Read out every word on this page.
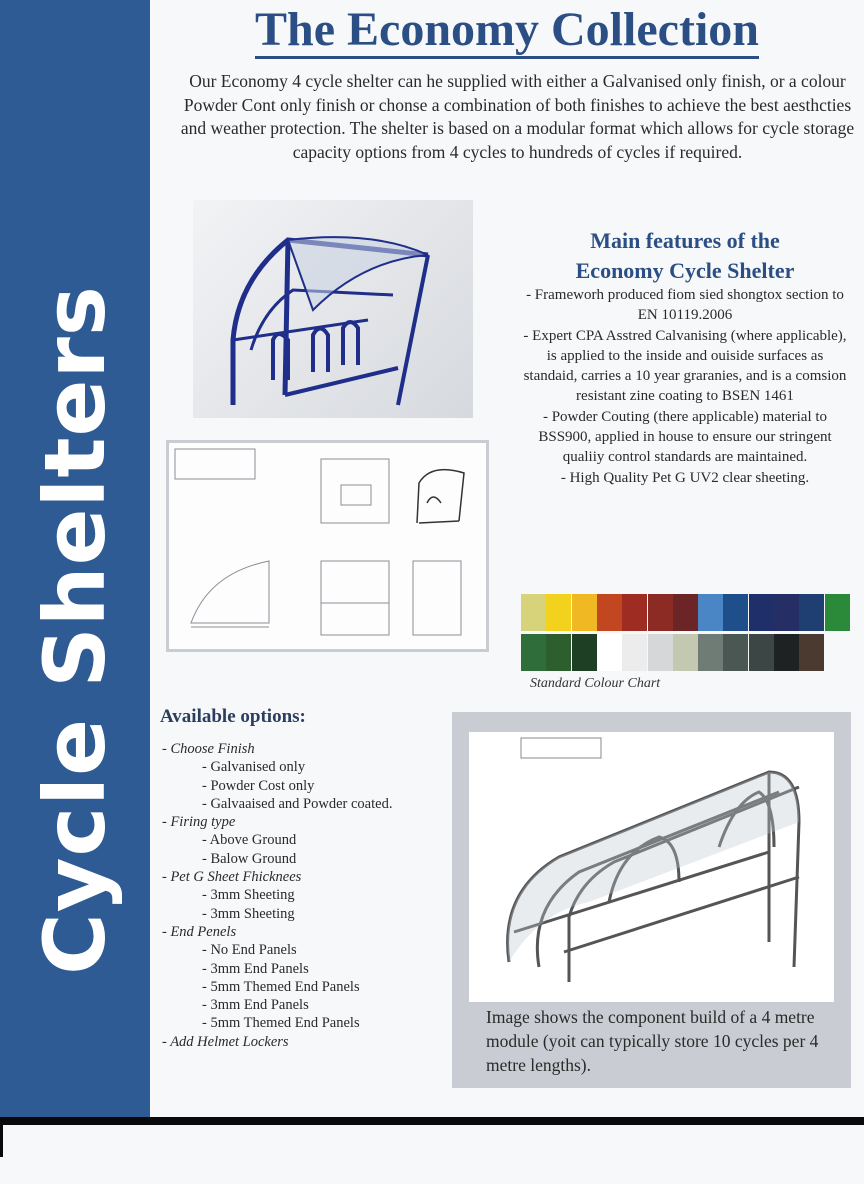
Cycle Shelters
The Economy Collection
Our Economy 4 cycle shelter can he supplied with either a Galvanised only finish, or a colour Powder Cont only finish or chonse a combination of both finishes to achieve the best aesthcties and weather protection. The shelter is based on a modular format which allows for cycle storage capacity options from 4 cycles to hundreds of cycles if required.
Main features of the
Economy Cycle Shelter
- Frameworh produced fiom sied shongtox section to EN 10119.2006
- Expert CPA Asstred Calvanising (where applicable), is applied to the inside and ouiside surfaces as standaid, carries a 10 year graranies, and is a comsion resistant zine coating to BSEN 1461
- Powder Couting (there applicable) material to BSS900, applied in house to ensure our stringent qualiiy control standards are maintained.
- High Quality Pet G UV2 clear sheeting.
Standard Colour Chart
Available options:
- Choose Finish
- Galvanised only
- Powder Cost only
- Galvaaised and Powder coated.
- Firing type
- Above Ground
- Balow Ground
- Pet G Sheet Fhicknees
- 3mm Sheeting
- 3mm Sheeting
- End Penels
- No End Panels
- 3mm End Panels
- 5mm Themed End Panels
- 3mm End Panels
- 5mm Themed End Panels
- Add Helmet Lockers
Image shows the component build of a 4 metre module (yoit can typically store 10 cycles per 4 metre lengths).
